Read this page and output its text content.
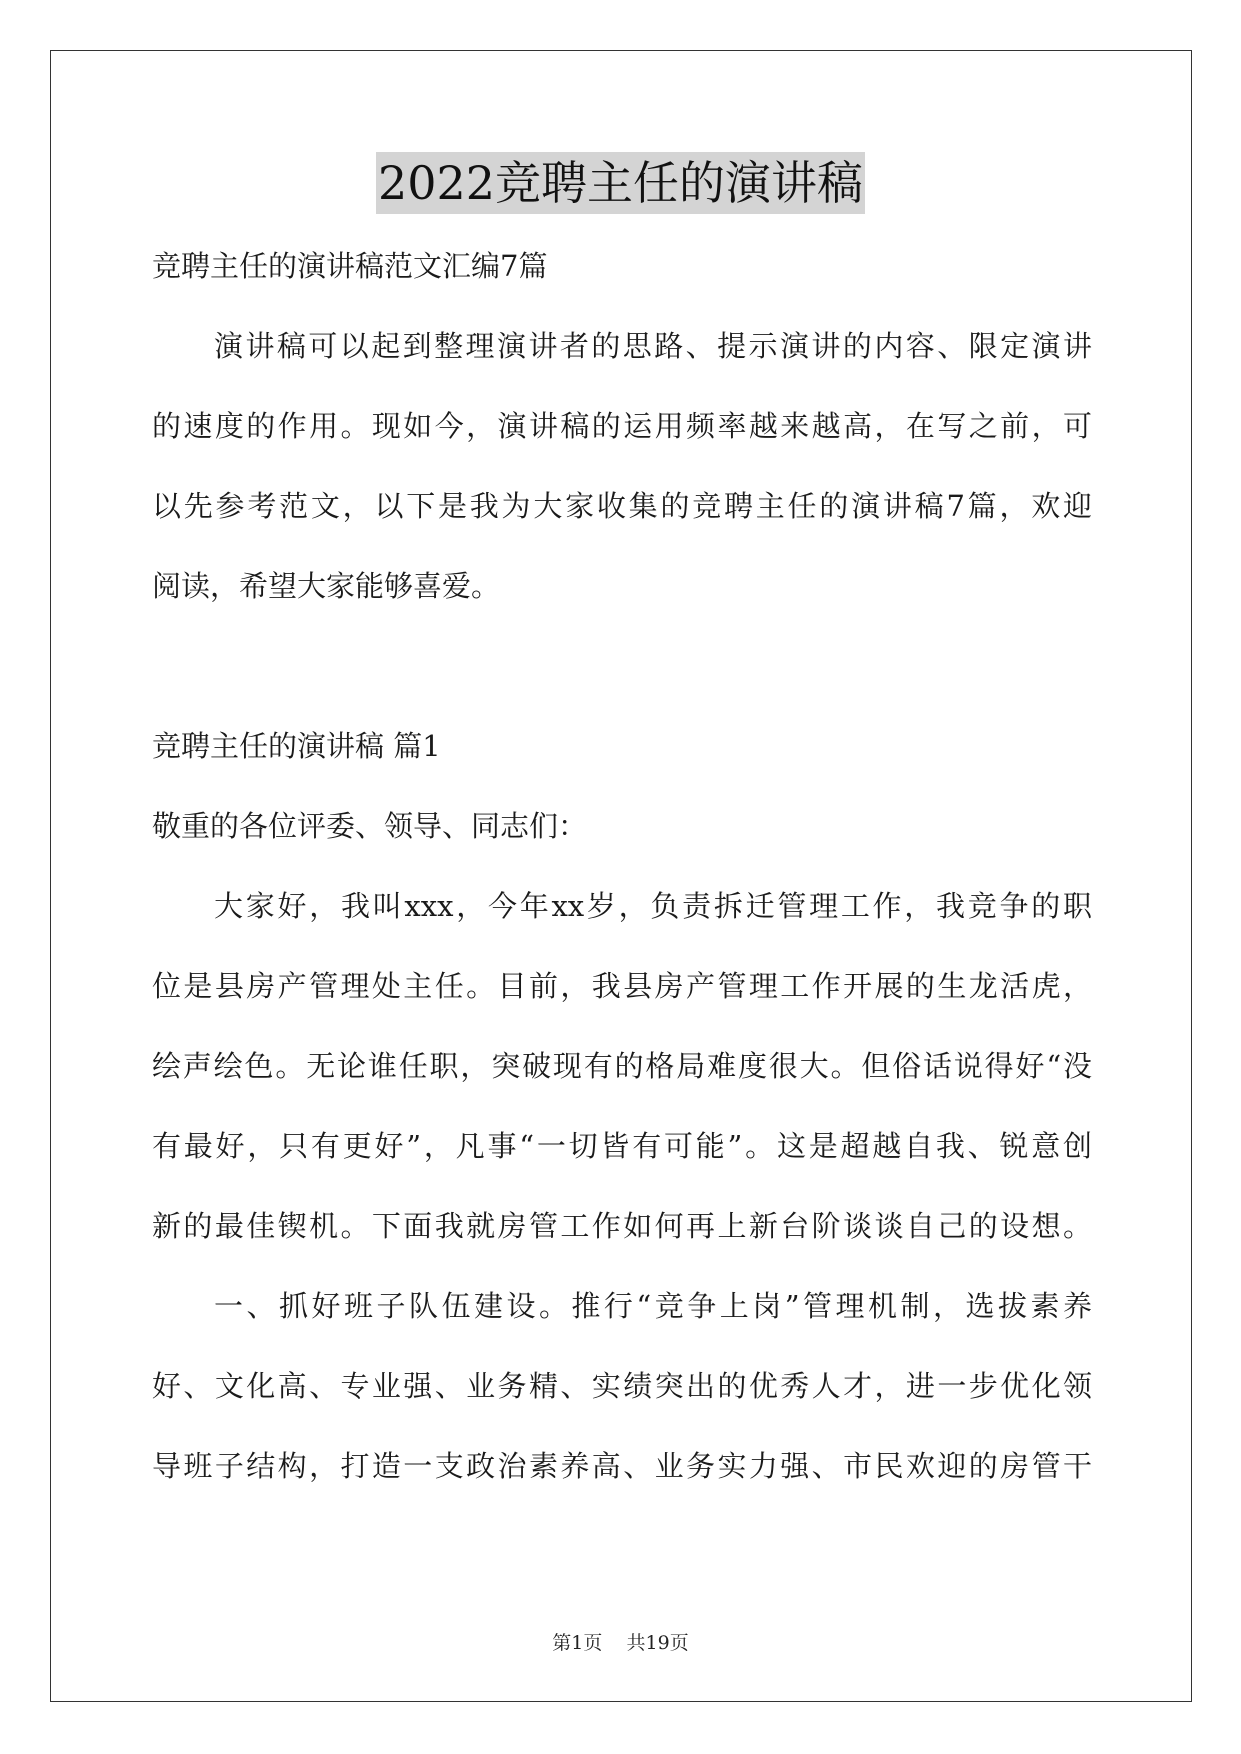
2022竞聘主任的演讲稿
竞聘主任的演讲稿范文汇编7篇
演讲稿可以起到整理演讲者的思路、提示演讲的内容、限定演讲
的速度的作用。现如今，演讲稿的运用频率越来越高，在写之前，可
以先参考范文，以下是我为大家收集的竞聘主任的演讲稿7篇，欢迎
阅读，希望大家能够喜爱。
竞聘主任的演讲稿 篇1
敬重的各位评委、领导、同志们：
大家好，我叫xxx，今年xx岁，负责拆迁管理工作，我竞争的职
位是县房产管理处主任。目前，我县房产管理工作开展的生龙活虎，
绘声绘色。无论谁任职，突破现有的格局难度很大。但俗话说得好“没
有最好，只有更好”，凡事“一切皆有可能”。这是超越自我、锐意创
新的最佳锲机。下面我就房管工作如何再上新台阶谈谈自己的设想。
一、抓好班子队伍建设。推行“竞争上岗”管理机制，选拔素养
好、文化高、专业强、业务精、实绩突出的优秀人才，进一步优化领
导班子结构，打造一支政治素养高、业务实力强、市民欢迎的房管干
第1页 共19页
